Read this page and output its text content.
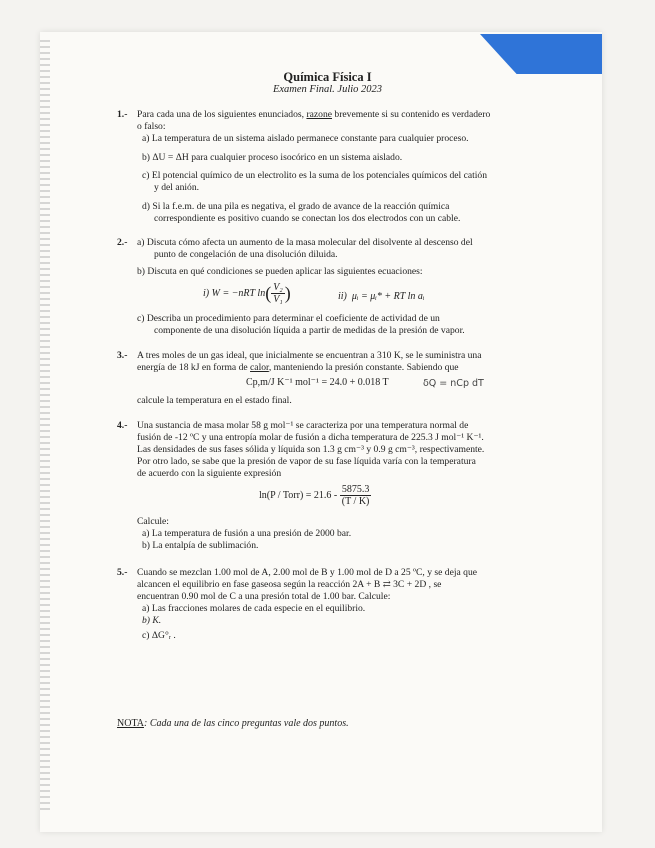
Química Física I
Examen Final. Julio 2023
1.- Para cada una de los siguientes enunciados, razone brevemente si su contenido es verdadero
o falso:
a) La temperatura de un sistema aislado permanece constante para cualquier proceso.
b) ΔU = ΔH para cualquier proceso isocórico en un sistema aislado.
c) El potencial químico de un electrolito es la suma de los potenciales químicos del catión
y del anión.
d) Si la f.e.m. de una pila es negativa, el grado de avance de la reacción química
correspondiente es positivo cuando se conectan los dos electrodos con un cable.
2.- a) Discuta cómo afecta un aumento de la masa molecular del disolvente al descenso del
punto de congelación de una disolución diluida.
b) Discuta en qué condiciones se pueden aplicar las siguientes ecuaciones:
i) W = −nRT $\ln( \frac{\text{V₂}}{\text{V₁}}$ )	ii) μᵢ = μᵢ* + RT ln aᵢ
c) Describa un procedimiento para determinar el coeficiente de actividad de un
componente de una disolución líquida a partir de medidas de la presión de vapor.
3.- A tres moles de un gas ideal, que inicialmente se encuentran a 310 K, se le suministra una
energía de 18 kJ en forma de calor, manteniendo la presión constante. Sabiendo que
Cp,m/J K⁻¹ mol⁻¹ = 24.0 + 0.018 T	δQ = nCp dT
calcule la temperatura en el estado final.
4.- Una sustancia de masa molar 58 g mol⁻¹ se caracteriza por una temperatura normal de
fusión de -12 ºC y una entropía molar de fusión a dicha temperatura de 225.3 J mol⁻¹ K⁻¹.
Las densidades de sus fases sólida y líquida son 1.3 g cm⁻³ y 0.9 g cm⁻³, respectivamente.
Por otro lado, se sabe que la presión de vapor de su fase líquida varía con la temperatura
de acuerdo con la siguiente expresión
ln(P / Torr) = $21.6 - \frac{5875.3}{(T / K)}$
Calcule:
a) La temperatura de fusión a una presión de 2000 bar.
b) La entalpía de sublimación.
5.- Cuando se mezclan 1.00 mol de A, 2.00 mol de B y 1.00 mol de D a 25 ºC, y se deja que
alcancen el equilibrio en fase gaseosa según la reacción 2A + B ⇄ 3C + 2D , se
encuentran 0.90 mol de C a una presión total de 1.00 bar. Calcule:
a) Las fracciones molares de cada especie en el equilibrio.
b) K.
c) ΔG°ᵣ .
NOTA: Cada una de las cinco preguntas vale dos puntos.
